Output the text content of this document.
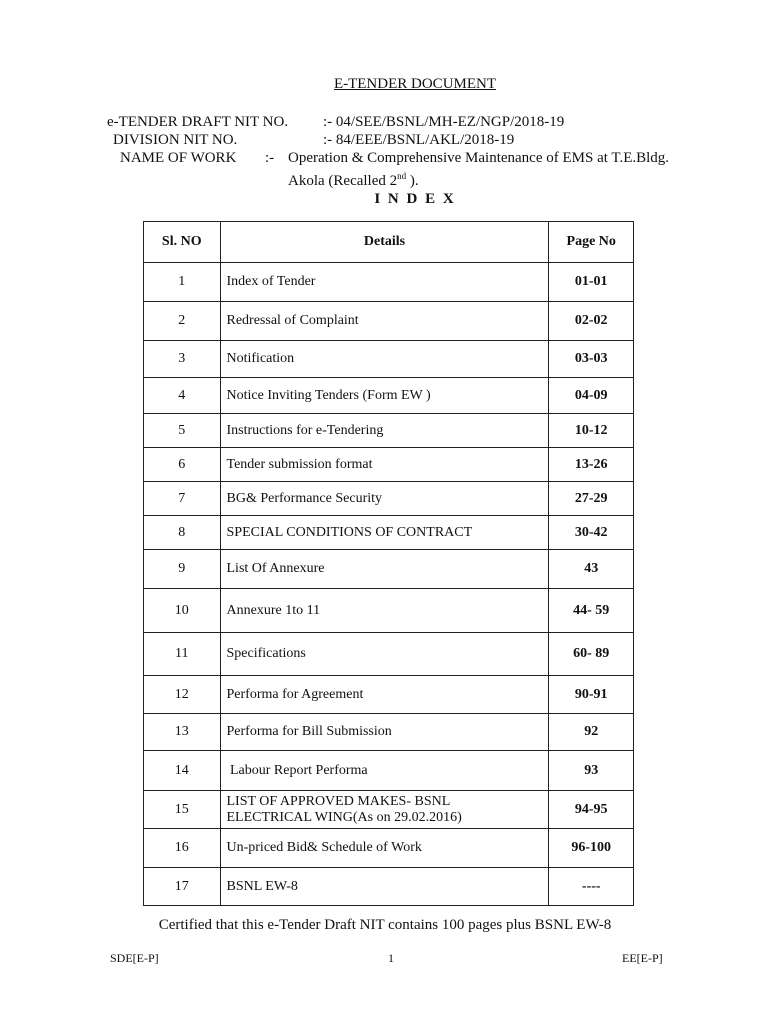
E-TENDER DOCUMENT
e-TENDER DRAFT NIT NO. :- 04/SEE/BSNL/MH-EZ/NGP/2018-19
DIVISION NIT NO.	:- 84/EEE/BSNL/AKL/2018-19
NAME OF WORK :- Operation & Comprehensive Maintenance of EMS at T.E.Bldg.
Akola (Recalled 2nd ).
I N D E X
Sl. NO	Details	Page No
1	Index of Tender	01-01
2	Redressal of Complaint	02-02
3	Notification	03-03
4	Notice Inviting Tenders (Form EW )	04-09
5	Instructions for e-Tendering	10-12
6	Tender submission format	13-26
7	BG& Performance Security	27-29
8	SPECIAL CONDITIONS OF CONTRACT	30-42
9	List Of Annexure	43
10	Annexure 1to 11	44- 59
11	Specifications	60- 89
12	Performa for Agreement	90-91
13	Performa for Bill Submission	92
14	Labour Report Performa	93
15	LIST OF APPROVED MAKES- BSNL
ELECTRICAL WING(As on 29.02.2016)	94-95
16	Un-priced Bid& Schedule of Work	96-100
17	BSNL EW-8	----
Certified that this e-Tender Draft NIT contains 100 pages plus BSNL EW-8
SDE[E-P]	1	EE[E-P]
